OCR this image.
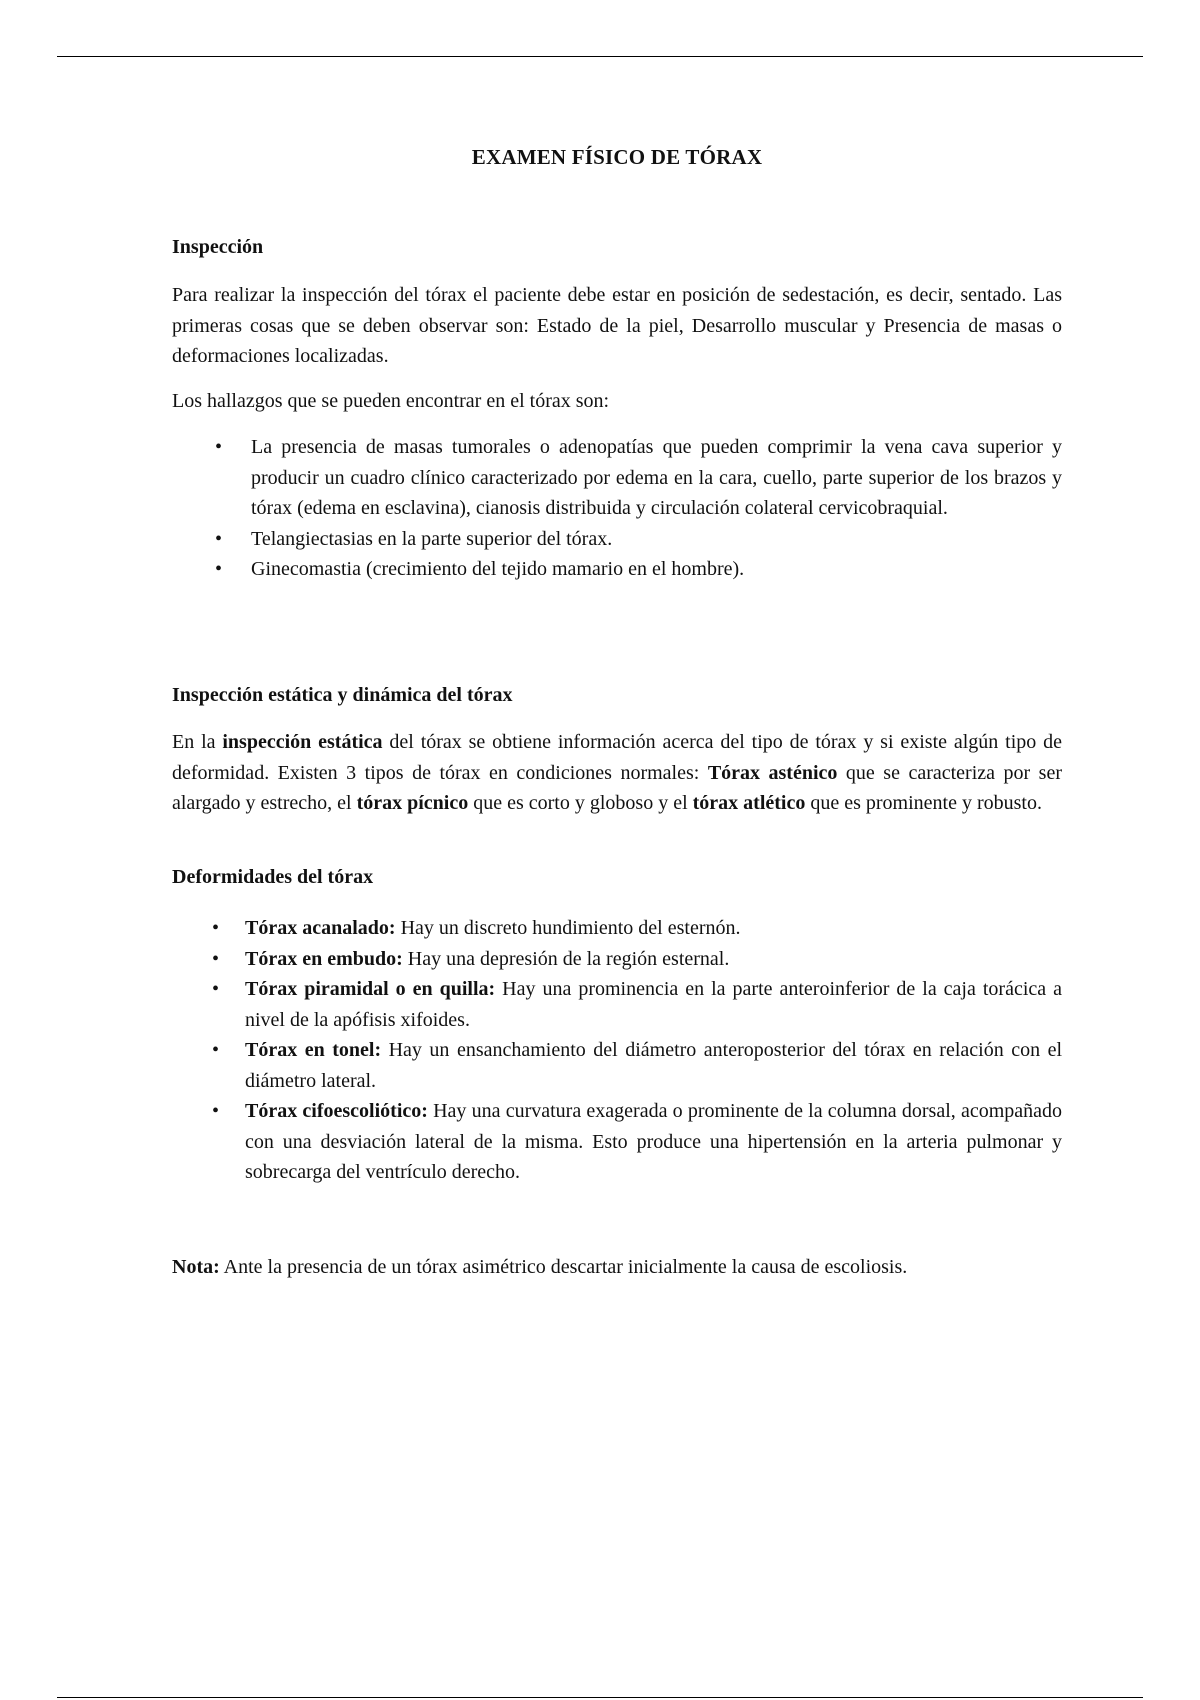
EXAMEN FÍSICO DE TÓRAX
Inspección

Para realizar la inspección del tórax el paciente debe estar en posición de sedestación, es decir, sentado. Las primeras cosas que se deben observar son: Estado de la piel, Desarrollo muscular y Presencia de masas o deformaciones localizadas.

Los hallazgos que se pueden encontrar en el tórax son:

• La presencia de masas tumorales o adenopatías que pueden comprimir la vena cava superior y producir un cuadro clínico caracterizado por edema en la cara, cuello, parte superior de los brazos y tórax (edema en esclavina), cianosis distribuida y circulación colateral cervicobraquial.
• Telangiectasias en la parte superior del tórax.
• Ginecomastia (crecimiento del tejido mamario en el hombre).
Inspección estática y dinámica del tórax

En la inspección estática del tórax se obtiene información acerca del tipo de tórax y si existe algún tipo de deformidad. Existen 3 tipos de tórax en condiciones normales: Tórax asténico que se caracteriza por ser alargado y estrecho, el tórax pícnico que es corto y globoso y el tórax atlético que es prominente y robusto.

Deformidades del tórax
• Tórax acanalado: Hay un discreto hundimiento del esternón.
• Tórax en embudo: Hay una depresión de la región esternal.
• Tórax piramidal o en quilla: Hay una prominencia en la parte anteroinferior de la caja torácica a nivel de la apófisis xifoides.
• Tórax en tonel: Hay un ensanchamiento del diámetro anteroposterior del tórax en relación con el diámetro lateral.
• Tórax cifoescoliótico: Hay una curvatura exagerada o prominente de la columna dorsal, acompañado con una desviación lateral de la misma. Esto produce una hipertensión en la arteria pulmonar y sobrecarga del ventrículo derecho.

Nota: Ante la presencia de un tórax asimétrico descartar inicialmente la causa de escoliosis.
